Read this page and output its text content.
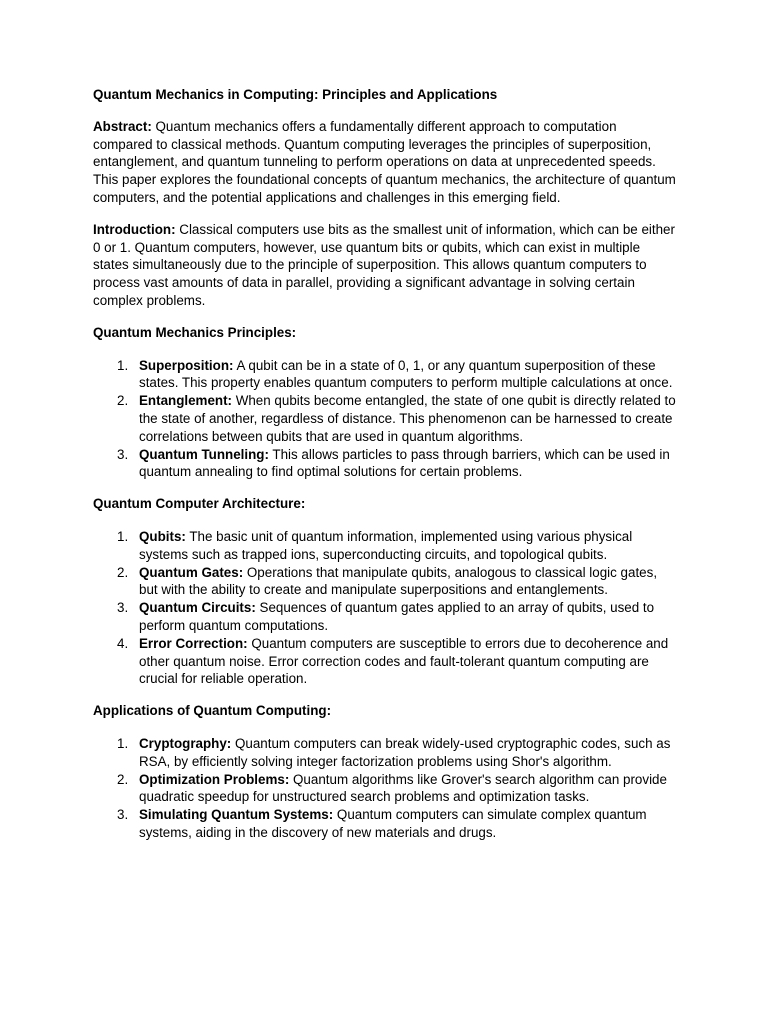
Quantum Mechanics in Computing: Principles and Applications

Abstract: Quantum mechanics offers a fundamentally different approach to computation compared to classical methods. Quantum computing leverages the principles of superposition, entanglement, and quantum tunneling to perform operations on data at unprecedented speeds. This paper explores the foundational concepts of quantum mechanics, the architecture of quantum computers, and the potential applications and challenges in this emerging field.

Introduction: Classical computers use bits as the smallest unit of information, which can be either 0 or 1. Quantum computers, however, use quantum bits or qubits, which can exist in multiple states simultaneously due to the principle of superposition. This allows quantum computers to process vast amounts of data in parallel, providing a significant advantage in solving certain complex problems.

Quantum Mechanics Principles:

1. Superposition: A qubit can be in a state of 0, 1, or any quantum superposition of these states. This property enables quantum computers to perform multiple calculations at once.
2. Entanglement: When qubits become entangled, the state of one qubit is directly related to the state of another, regardless of distance. This phenomenon can be harnessed to create correlations between qubits that are used in quantum algorithms.
3. Quantum Tunneling: This allows particles to pass through barriers, which can be used in quantum annealing to find optimal solutions for certain problems.

Quantum Computer Architecture:

1. Qubits: The basic unit of quantum information, implemented using various physical systems such as trapped ions, superconducting circuits, and topological qubits.
2. Quantum Gates: Operations that manipulate qubits, analogous to classical logic gates, but with the ability to create and manipulate superpositions and entanglements.
3. Quantum Circuits: Sequences of quantum gates applied to an array of qubits, used to perform quantum computations.
4. Error Correction: Quantum computers are susceptible to errors due to decoherence and other quantum noise. Error correction codes and fault-tolerant quantum computing are crucial for reliable operation.

Applications of Quantum Computing:

1. Cryptography: Quantum computers can break widely-used cryptographic codes, such as RSA, by efficiently solving integer factorization problems using Shor's algorithm.
2. Optimization Problems: Quantum algorithms like Grover's search algorithm can provide quadratic speedup for unstructured search problems and optimization tasks.
3. Simulating Quantum Systems: Quantum computers can simulate complex quantum systems, aiding in the discovery of new materials and drugs.
